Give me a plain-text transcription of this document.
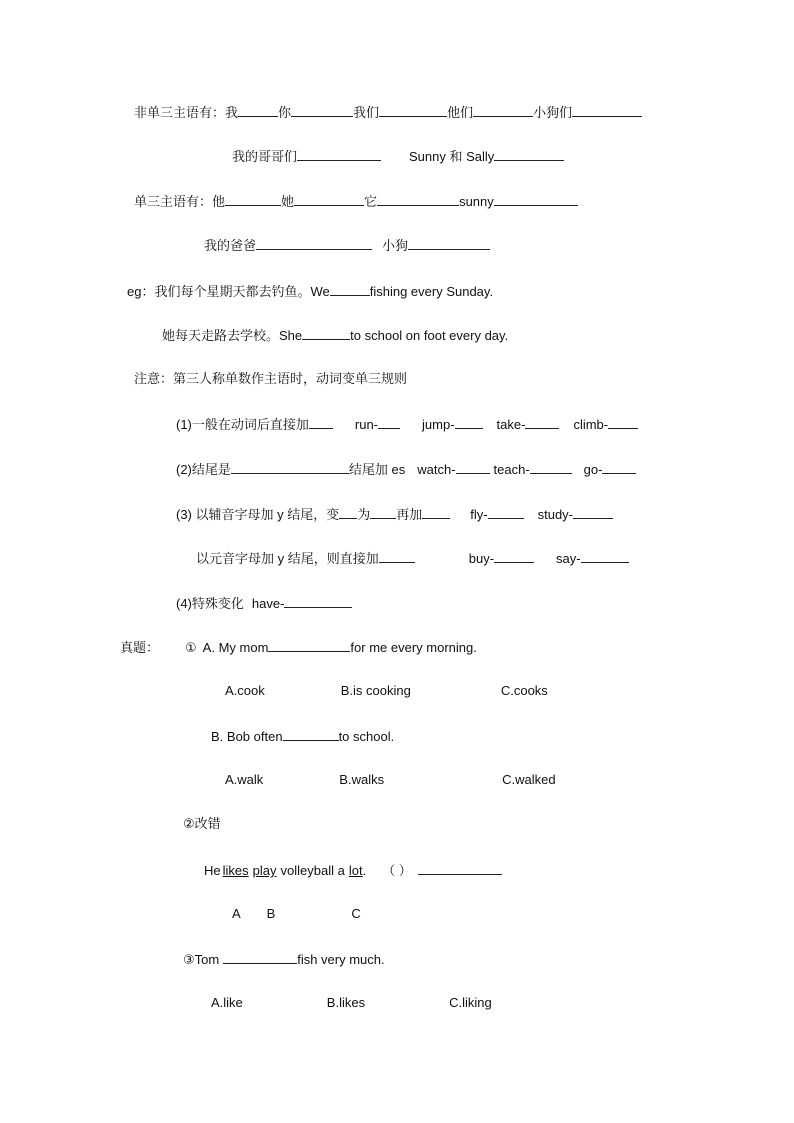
非单三主语有：我	你	我们	他们	小狗们
我的哥哥们	Sunny 和 Sally
单三主语有：他	她	它	sunny
我的爸爸	小狗
eg：我们每个星期天都去钓鱼。We	fishing every Sunday.
她每天走路去学校。She	to school on foot every day.
注意：第三人称单数作主语时，动词变单三规则
(1)一般在动词后直接加	run-	jump-	take-	climb-
(2)结尾是	结尾加 es watch-	teach-	go-
(3) 以辅音字母加 y 结尾，变 为 再加	fly-	study-
以元音字母加 y 结尾，则直接加	buy-	say-
(4)特殊变化 have-
真题： ① A. My mom	for me every morning.
A.cook	B.is cooking	C.cooks
B. Bob often	to school.
A.walk	B.walks	C.walked
②改错
He likes play volleyball a lot. （ ）
A B	C
③Tom	fish very much.
A.like	B.likes	C.liking
